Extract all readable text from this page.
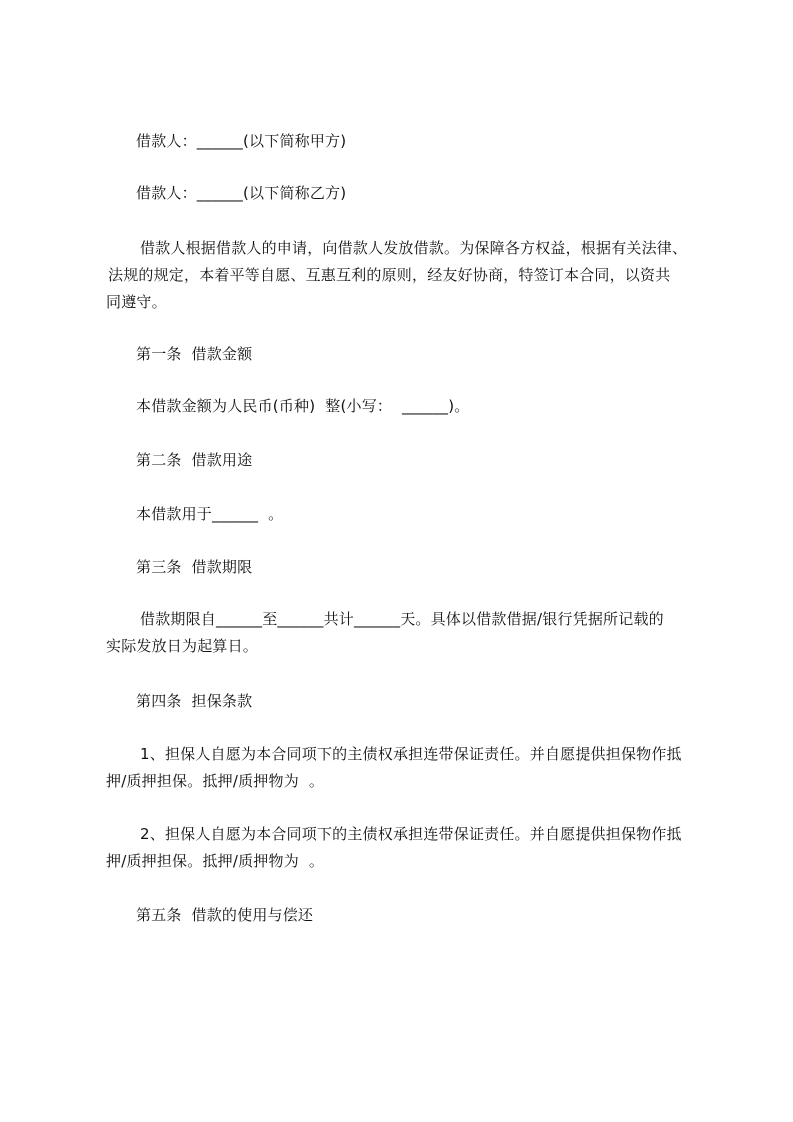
借款人：______(以下简称甲方)
借款人：______(以下简称乙方)
借款人根据借款人的申请，向借款人发放借款。为保障各方权益，根据有关法律、
法规的规定，本着平等自愿、互惠互利的原则，经友好协商，特签订本合同，以资共
同遵守。
第一条  借款金额
本借款金额为人民币(币种)  整(小写：  ______)。
第二条  借款用途
本借款用于______  。
第三条  借款期限
借款期限自______至______共计______天。具体以借款借据/银行凭据所记载的
实际发放日为起算日。
第四条  担保条款
1、担保人自愿为本合同项下的主债权承担连带保证责任。并自愿提供担保物作抵
押/质押担保。抵押/质押物为  。
2、担保人自愿为本合同项下的主债权承担连带保证责任。并自愿提供担保物作抵
押/质押担保。抵押/质押物为  。
第五条  借款的使用与偿还
